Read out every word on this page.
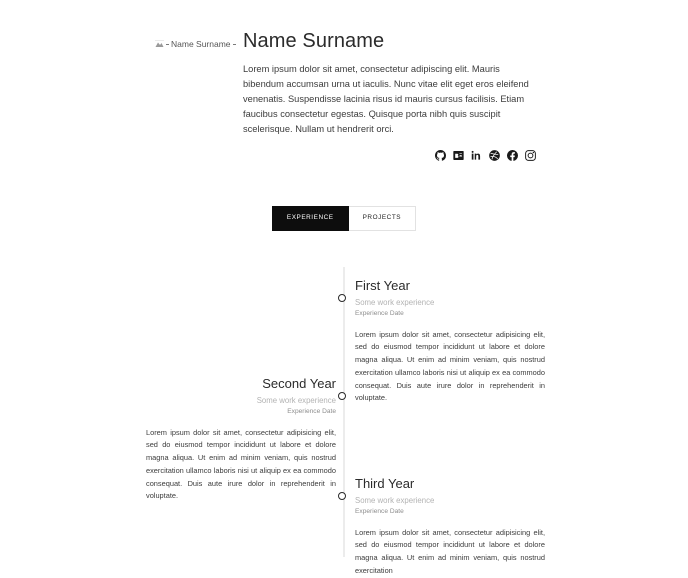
Name Surname Name Surname

Lorem ipsum dolor sit amet, consectetur adipiscing elit. Mauris bibendum accumsan urna ut iaculis. Nunc vitae elit eget eros eleifend venenatis. Suspendisse lacinia risus id mauris cursus facilisis. Etiam faucibus consectetur egestas. Quisque porta nibh quis suscipit scelerisque. Nullam ut hendrerit orci.

EXPERIENCE	PROJECTS
First Year

Some work experience

Experience Date

Lorem ipsum dolor sit amet, consectetur adipisicing elit, sed do eiusmod tempor incididunt ut labore et dolore magna aliqua. Ut enim ad minim veniam, quis nostrud exercitation ullamco laboris nisi ut aliquip ex ea commodo consequat. Duis aute irure dolor in reprehenderit in voluptate.

Second Year

Some work experience

Experience Date

Lorem ipsum dolor sit amet, consectetur adipisicing elit, sed do eiusmod tempor incididunt ut labore et dolore magna aliqua. Ut enim ad minim veniam, quis nostrud exercitation ullamco laboris nisi ut aliquip ex ea commodo consequat. Duis aute irure dolor in reprehenderit in voluptate.

Third Year

Some work experience

Experience Date

Lorem ipsum dolor sit amet, consectetur adipisicing elit, sed do eiusmod tempor incididunt ut labore et dolore magna aliqua. Ut enim ad minim veniam, quis nostrud exercitation
